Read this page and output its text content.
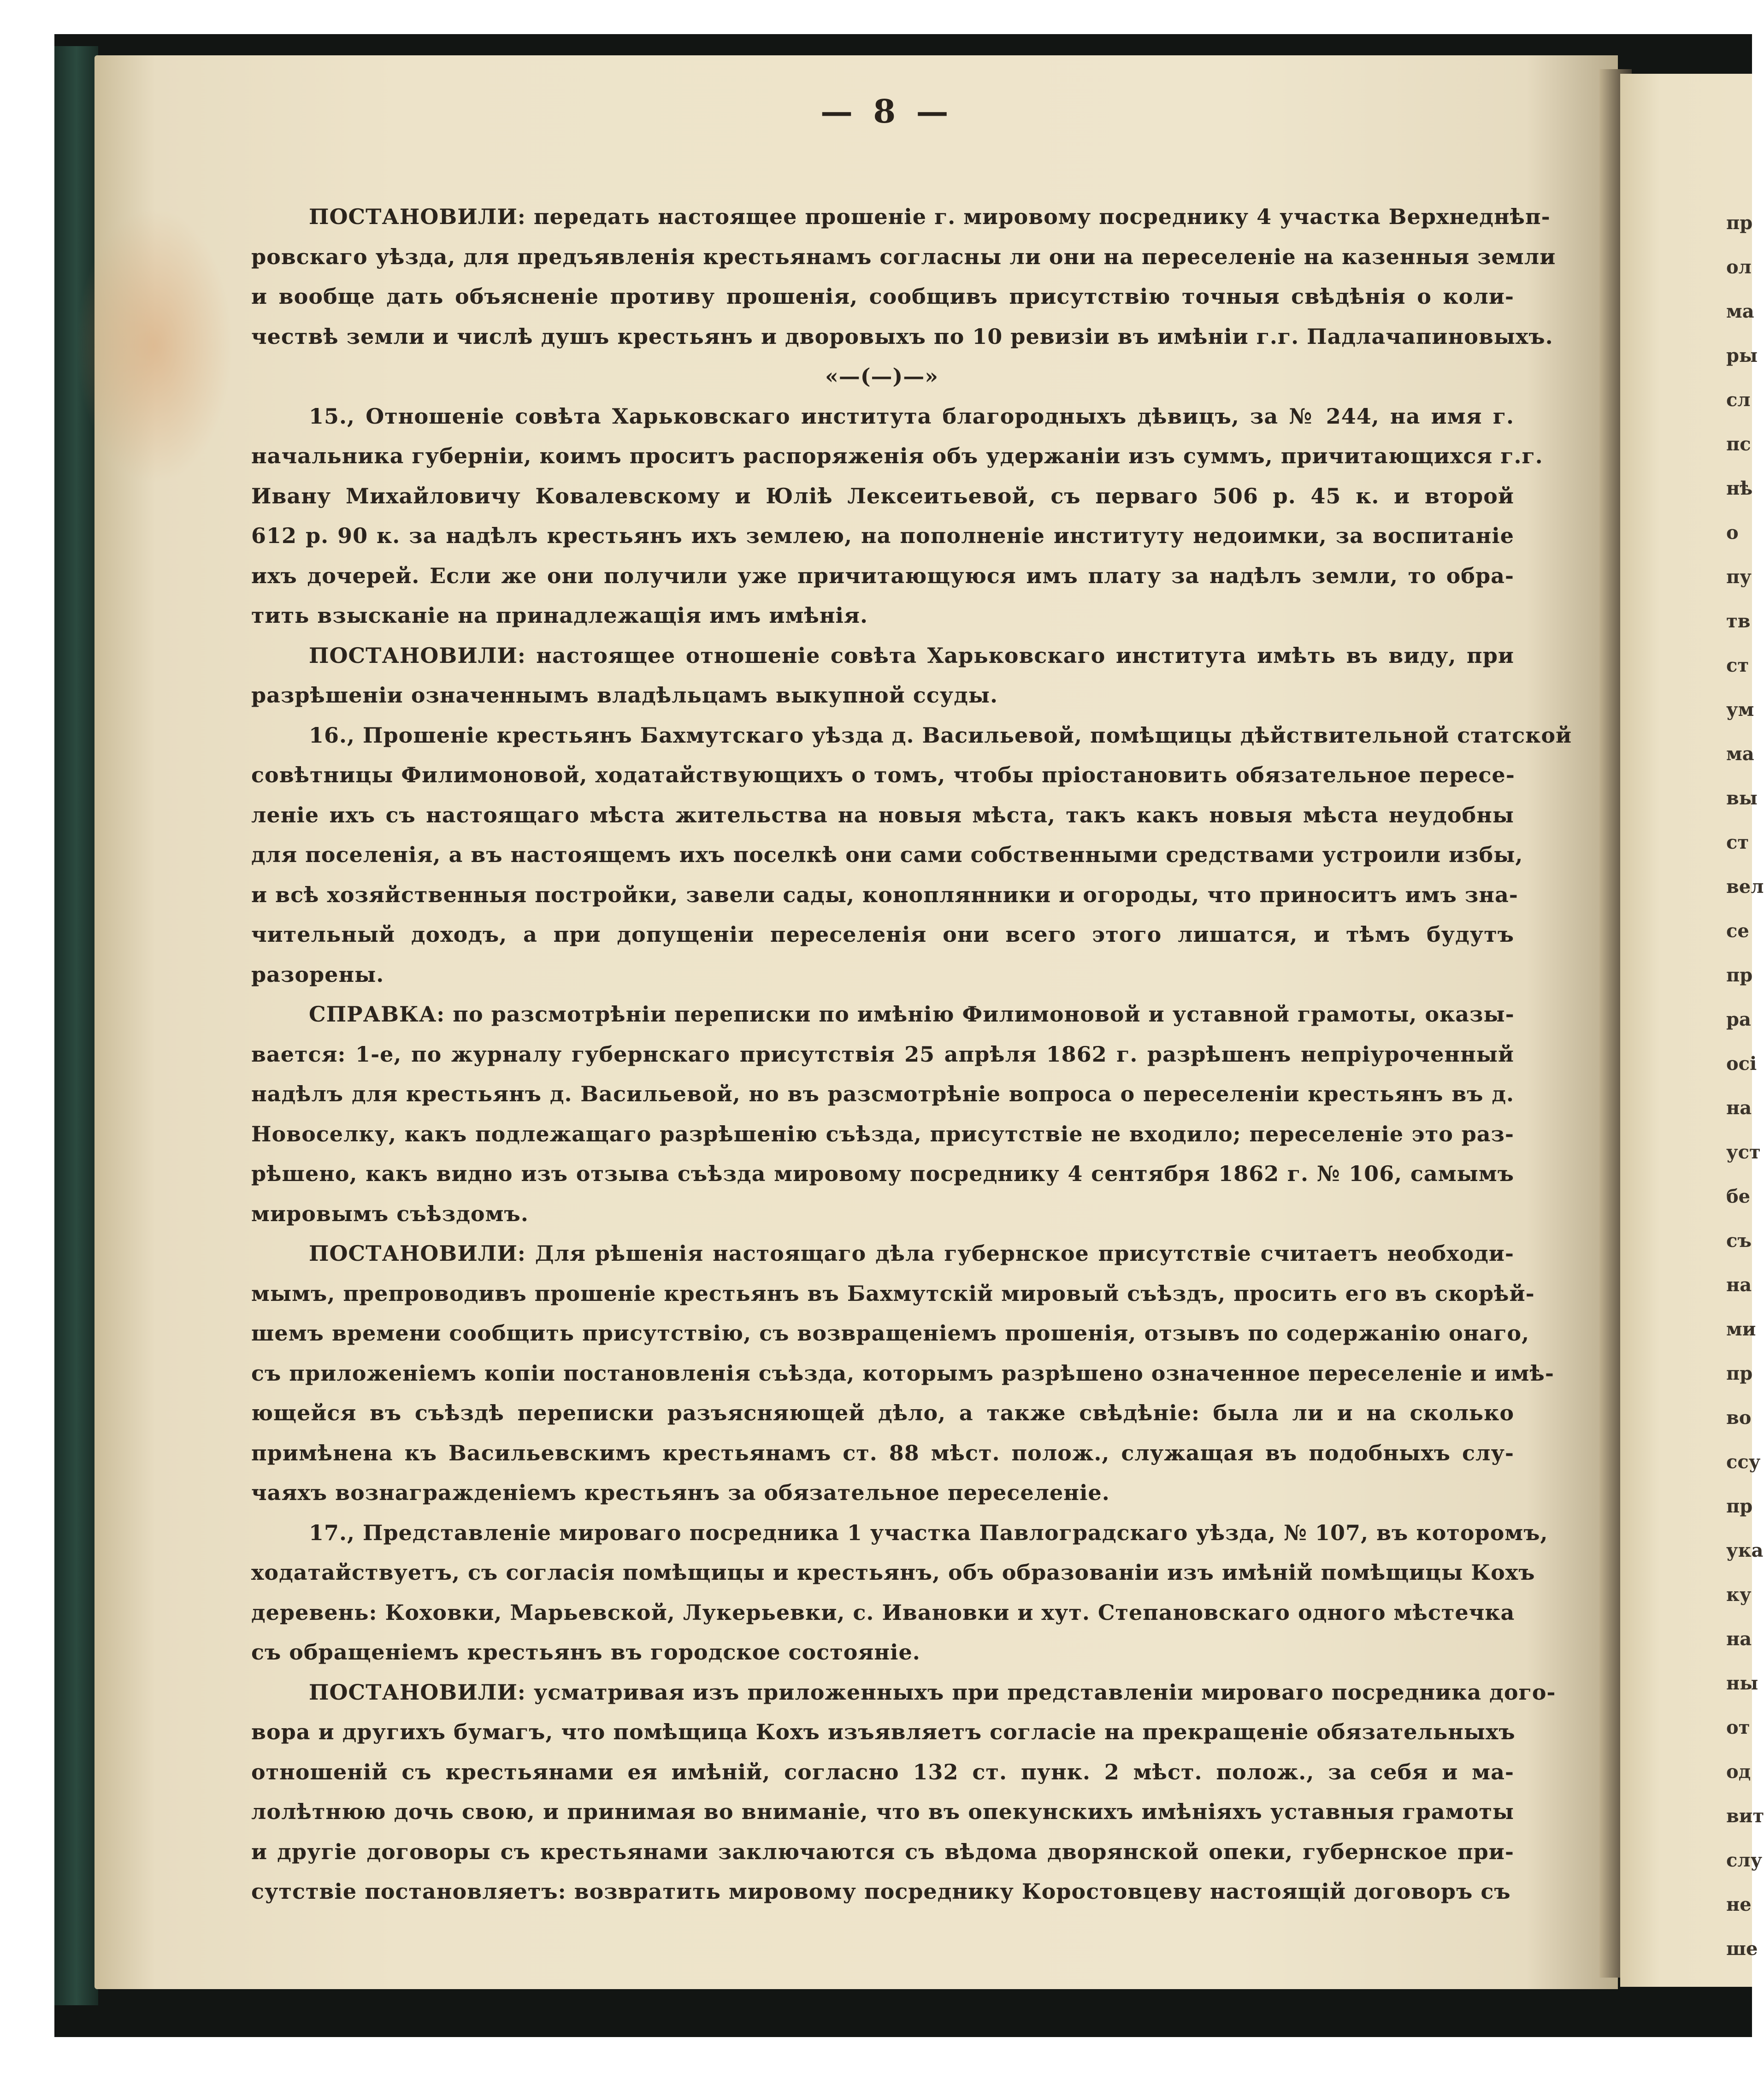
пр
ол
ма
ры
сл
пс
нѣ
о
пу
тв
ст
ум
ма
вы
ст
вел
се
пр
ра
осі
на
уст
бе
съ
на
ми
пр
во
ссу
пр
ука
ку
на
ны
от
од
вит
слу
не
шe
— 8 —
ПОСТАНОВИЛИ: передать настоящее прошеніе г. мировому посреднику 4 участка Верхнеднѣп-
ровскаго уѣзда, для предъявленія крестьянамъ согласны ли они на переселеніе на казенныя земли
и вообще дать объясненіе противу прошенія, сообщивъ присутствію точныя свѣдѣнія о коли-
чествѣ земли и числѣ душъ крестьянъ и дворовыхъ по 10 ревизіи въ имѣніи г.г. Падлачапиновыхъ.
«—(—)—»
15., Отношеніе совѣта Харьковскаго института благородныхъ дѣвицъ, за № 244, на имя г.
начальника губерніи, коимъ проситъ распоряженія объ удержаніи изъ суммъ, причитающихся г.г.
Ивану Михайловичу Ковалевскому и Юліѣ Лексеитьевой, съ перваго 506 р. 45 к. и второй
612 р. 90 к. за надѣлъ крестьянъ ихъ землею, на пополненіе институту недоимки, за воспитаніе
ихъ дочерей. Если же они получили уже причитающуюся имъ плату за надѣлъ земли, то обра-
тить взысканіе на принадлежащія имъ имѣнія.
ПОСТАНОВИЛИ: настоящее отношеніе совѣта Харьковскаго института имѣть въ виду, при
разрѣшеніи означеннымъ владѣльцамъ выкупной ссуды.
16., Прошеніе крестьянъ Бахмутскаго уѣзда д. Васильевой, помѣщицы дѣйствительной статской
совѣтницы Филимоновой, ходатайствующихъ о томъ, чтобы пріостановить обязательное пересе-
леніе ихъ съ настоящаго мѣста жительства на новыя мѣста, такъ какъ новыя мѣста неудобны
для поселенія, а въ настоящемъ ихъ поселкѣ они сами собственными средствами устроили избы,
и всѣ хозяйственныя постройки, завели сады, коноплянники и огороды, что приноситъ имъ зна-
чительный доходъ, а при допущеніи переселенія они всего этого лишатся, и тѣмъ будутъ
разорены.
СПРАВКА: по разсмотрѣніи переписки по имѣнію Филимоновой и уставной грамоты, оказы-
вается: 1-е, по журналу губернскаго присутствія 25 апрѣля 1862 г. разрѣшенъ непріуроченный
надѣлъ для крестьянъ д. Васильевой, но въ разсмотрѣніе вопроса о переселеніи крестьянъ въ д.
Новоселку, какъ подлежащаго разрѣшенію съѣзда, присутствіе не входило; переселеніе это раз-
рѣшено, какъ видно изъ отзыва съѣзда мировому посреднику 4 сентября 1862 г. № 106, самымъ
мировымъ съѣздомъ.
ПОСТАНОВИЛИ: Для рѣшенія настоящаго дѣла губернское присутствіе считаетъ необходи-
мымъ, препроводивъ прошеніе крестьянъ въ Бахмутскій мировый съѣздъ, просить его въ скорѣй-
шемъ времени сообщить присутствію, съ возвращеніемъ прошенія, отзывъ по содержанію онаго,
съ приложеніемъ копіи постановленія съѣзда, которымъ разрѣшено означенное переселеніе и имѣ-
ющейся въ съѣздѣ переписки разъясняющей дѣло, а также свѣдѣніе: была ли и на сколько
примѣнена къ Васильевскимъ крестьянамъ ст. 88 мѣст. полож., служащая въ подобныхъ слу-
чаяхъ вознагражденіемъ крестьянъ за обязательное переселеніе.
17., Представленіе мироваго посредника 1 участка Павлоградскаго уѣзда, № 107, въ которомъ,
ходатайствуетъ, съ согласія помѣщицы и крестьянъ, объ образованіи изъ имѣній помѣщицы Кохъ
деревень: Коховки, Марьевской, Лукерьевки, с. Ивановки и хут. Степановскаго одного мѣстечка
съ обращеніемъ крестьянъ въ городское состояніе.
ПОСТАНОВИЛИ: усматривая изъ приложенныхъ при представленіи мироваго посредника дого-
вора и другихъ бумагъ, что помѣщица Кохъ изъявляетъ согласіе на прекращеніе обязательныхъ
отношеній съ крестьянами ея имѣній, согласно 132 ст. пунк. 2 мѣст. полож., за себя и ма-
лолѣтнюю дочь свою, и принимая во вниманіе, что въ опекунскихъ имѣніяхъ уставныя грамоты
и другіе договоры съ крестьянами заключаются съ вѣдома дворянской опеки, губернское при-
сутствіе постановляетъ: возвратить мировому посреднику Коростовцеву настоящій договоръ съ
